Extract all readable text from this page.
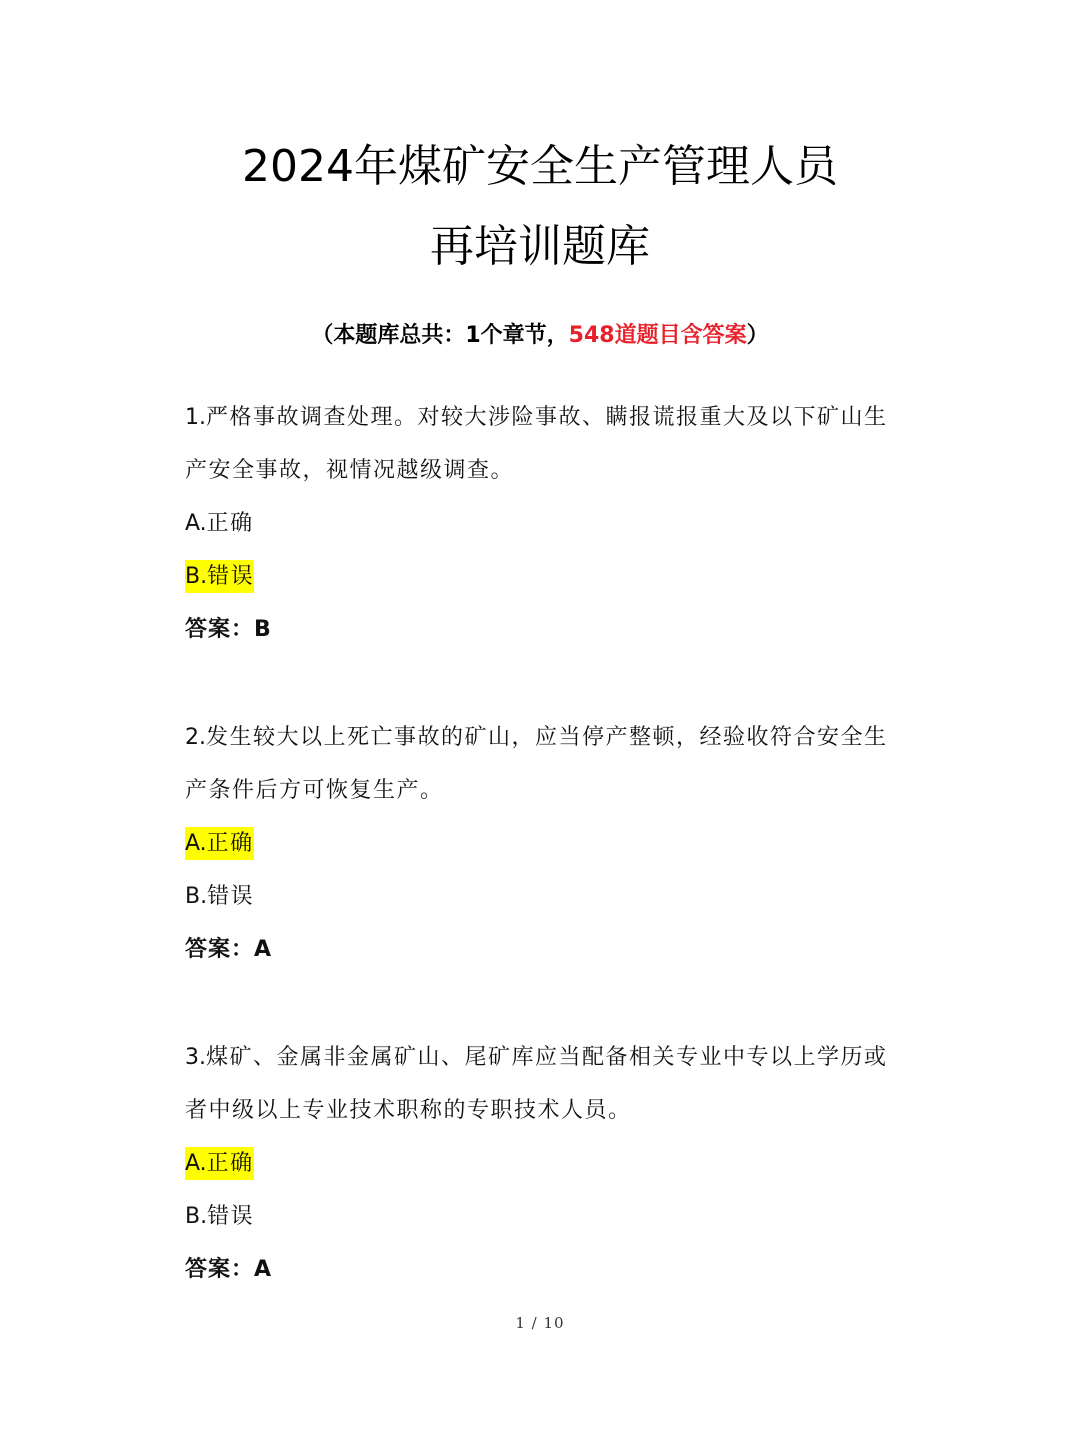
2024年煤矿安全生产管理人员
再培训题库
（本题库总共：1个章节，548道题目含答案）

1.严格事故调查处理。对较大涉险事故、瞒报谎报重大及以下矿山生产安全事故，视情况越级调查。

A.正确
B.错误
答案：B

2.发生较大以上死亡事故的矿山，应当停产整顿，经验收符合安全生产条件后方可恢复生产。

A.正确
B.错误
答案：A

3.煤矿、金属非金属矿山、尾矿库应当配备相关专业中专以上学历或者中级以上专业技术职称的专职技术人员。

A.正确
B.错误
答案：A
1 / 10
